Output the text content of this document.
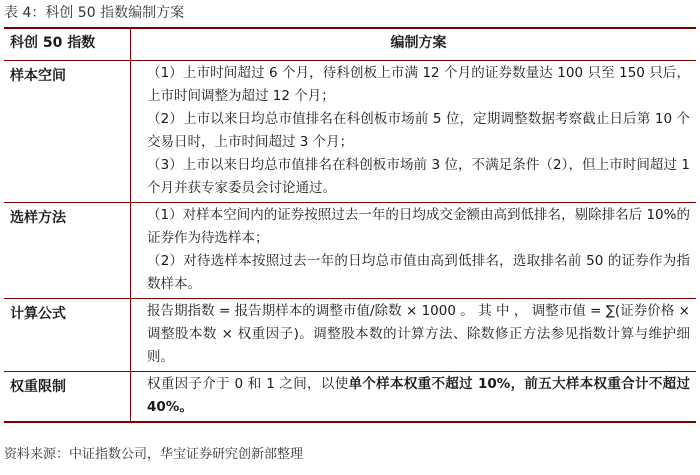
表 4：科创 50 指数编制方案
科创 50 指数	编制方案
样本空间	（1）上市时间超过 6 个月，待科创板上市满 12 个月的证券数量达 100 只至 150 只后，上市时间调整为超过 12 个月；

（2）上市以来日均总市值排名在科创板市场前 5 位，定期调整数据考察截止日后第 10 个交易日时，上市时间超过 3 个月；

（3）上市以来日均总市值排名在科创板市场前 3 位，不满足条件（2），但上市时间超过 1 个月并获专家委员会讨论通过。

选样方法	（1）对样本空间内的证券按照过去一年的日均成交金额由高到低排名，剔除排名后 10%的证券作为待选样本；

（2）对待选样本按照过去一年的日均总市值由高到低排名，选取排名前 50 的证券作为指数样本。

计算公式	报告期指数 = 报告期样本的调整市值/除数 × 1000 。 其 中 ， 调整市值 = ∑(证券价格 × 调整股本数 × 权重因子)。调整股本数的计算方法、除数修正方法参见指数计算与维护细则。

权重限制	权重因子介于 0 和 1 之间，以使单个样本权重不超过 10%，前五大样本权重合计不超过 40%。

资料来源：中证指数公司，华宝证券研究创新部整理
